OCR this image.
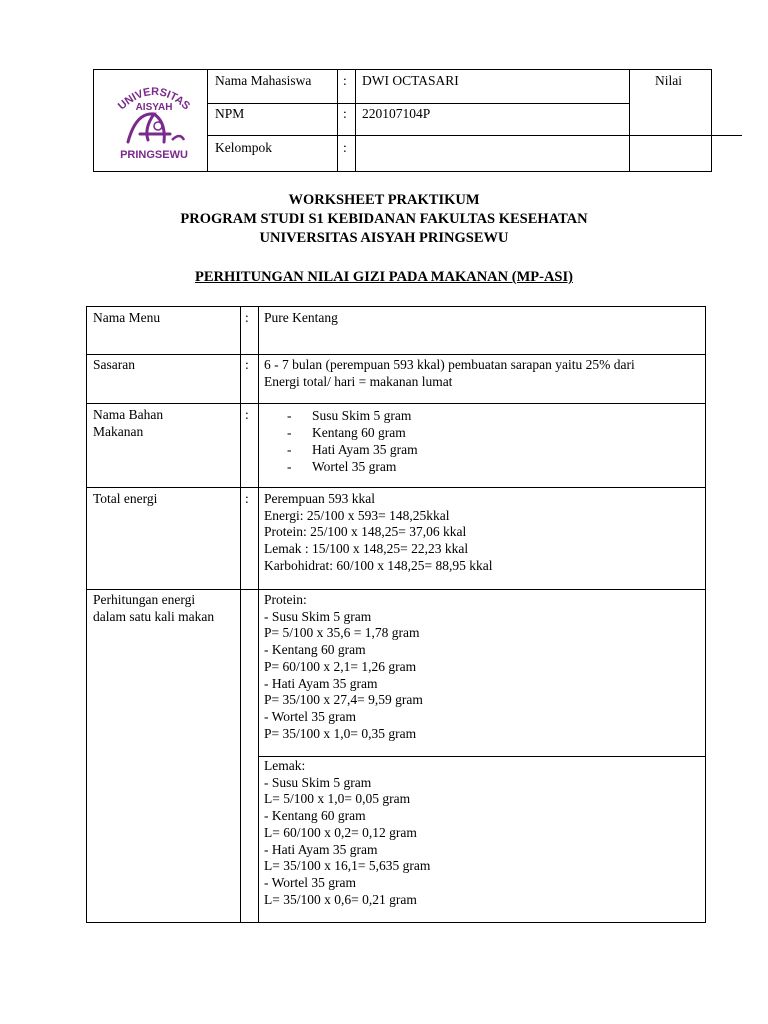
UNIVERSITAS
AISYAH
PRINGSEWU
Nama Mahasiswa : DWI OCTASARI	Nilai
NPM	: 220107104P
Kelompok	:
WORKSHEET PRAKTIKUM
PROGRAM STUDI S1 KEBIDANAN FAKULTAS KESEHATAN
UNIVERSITAS AISYAH PRINGSEWU
PERHITUNGAN NILAI GIZI PADA MAKANAN (MP-ASI)
Nama Menu	: Pure Kentang
Sasaran	: 6 - 7 bulan (perempuan 593 kkal) pembuatan sarapan yaitu 25% dari
Energi total/ hari = makanan lumat
Nama Bahan
Makanan
:	- Susu Skim 5 gram
- Kentang 60 gram
- Hati Ayam 35 gram
- Wortel 35 gram
Total energi	: Perempuan 593 kkal
Energi: 25/100 x 593= 148,25kkal
Protein: 25/100 x 148,25= 37,06 kkal
Lemak : 15/100 x 148,25= 22,23 kkal
Karbohidrat: 60/100 x 148,25= 88,95 kkal
Perhitungan energi
dalam satu kali makan
Protein:
- Susu Skim 5 gram
P= 5/100 x 35,6 = 1,78 gram
- Kentang 60 gram
P= 60/100 x 2,1= 1,26 gram
- Hati Ayam 35 gram
P= 35/100 x 27,4= 9,59 gram
- Wortel 35 gram
P= 35/100 x 1,0= 0,35 gram
Lemak:
- Susu Skim 5 gram
L= 5/100 x 1,0= 0,05 gram
- Kentang 60 gram
L= 60/100 x 0,2= 0,12 gram
- Hati Ayam 35 gram
L= 35/100 x 16,1= 5,635 gram
- Wortel 35 gram
L= 35/100 x 0,6= 0,21 gram
